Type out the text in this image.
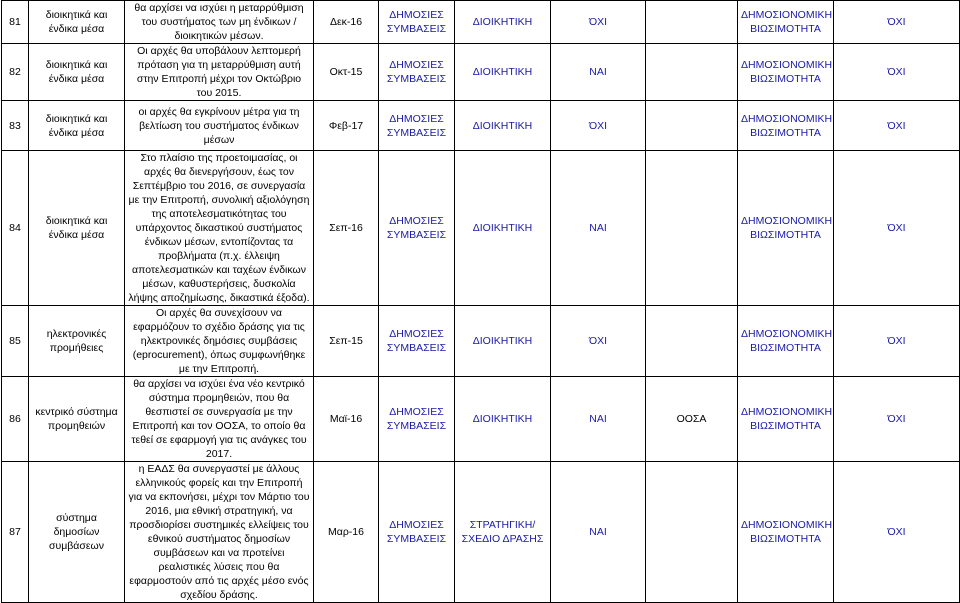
81	διοικητικά και ένδικα μέσα	θα αρχίσει να ισχύει η μεταρρύθμιση του συστήματος των μη ένδικων / διοικητικών μέσων.	Δεκ-16	ΔΗΜΟΣΙΕΣ ΣΥΜΒΑΣΕΙΣ	ΔΙΟΙΚΗΤΙΚΗ	ΌΧΙ		ΔΗΜΟΣΙΟΝΟΜΙΚΗ ΒΙΩΣΙΜΟΤΗΤΑ	ΌΧΙ
82	διοικητικά και ένδικα μέσα	Οι αρχές θα υποβάλουν λεπτομερή πρόταση για τη μεταρρύθμιση αυτή στην Επιτροπή μέχρι τον Οκτώβριο του 2015.	Οκτ-15	ΔΗΜΟΣΙΕΣ ΣΥΜΒΑΣΕΙΣ	ΔΙΟΙΚΗΤΙΚΗ	ΝΑΙ		ΔΗΜΟΣΙΟΝΟΜΙΚΗ ΒΙΩΣΙΜΟΤΗΤΑ	ΌΧΙ
83	διοικητικά και ένδικα μέσα	οι αρχές θα εγκρίνουν μέτρα για τη βελτίωση του συστήματος ένδικων μέσων	Φεβ-17	ΔΗΜΟΣΙΕΣ ΣΥΜΒΑΣΕΙΣ	ΔΙΟΙΚΗΤΙΚΗ	ΌΧΙ		ΔΗΜΟΣΙΟΝΟΜΙΚΗ ΒΙΩΣΙΜΟΤΗΤΑ	ΌΧΙ
84	διοικητικά και ένδικα μέσα	Στο πλαίσιο της προετοιμασίας, οι αρχές θα διενεργήσουν, έως τον Σεπτέμβριο του 2016, σε συνεργασία με την Επιτροπή, συνολική αξιολόγηση της αποτελεσματικότητας του υπάρχοντος δικαστικού συστήματος ένδικων μέσων, εντοπίζοντας τα προβλήματα (π.χ. έλλειψη αποτελεσματικών και ταχέων ένδικων μέσων, καθυστερήσεις, δυσκολία λήψης αποζημίωσης, δικαστικά έξοδα).	Σεπ-16	ΔΗΜΟΣΙΕΣ ΣΥΜΒΑΣΕΙΣ	ΔΙΟΙΚΗΤΙΚΗ	ΝΑΙ		ΔΗΜΟΣΙΟΝΟΜΙΚΗ ΒΙΩΣΙΜΟΤΗΤΑ	ΌΧΙ
85	ηλεκτρονικές προμήθειες	Οι αρχές θα συνεχίσουν να εφαρμόζουν το σχέδιο δράσης για τις ηλεκτρονικές δημόσιες συμβάσεις (eprocurement), όπως συμφωνήθηκε με την Επιτροπή.	Σεπ-15	ΔΗΜΟΣΙΕΣ ΣΥΜΒΑΣΕΙΣ	ΔΙΟΙΚΗΤΙΚΗ	ΌΧΙ		ΔΗΜΟΣΙΟΝΟΜΙΚΗ ΒΙΩΣΙΜΟΤΗΤΑ	ΌΧΙ
86	κεντρικό σύστημα προμηθειών	θα αρχίσει να ισχύει ένα νέο κεντρικό σύστημα προμηθειών, που θα θεσπιστεί σε συνεργασία με την Επιτροπή και τον ΟΟΣΑ, το οποίο θα τεθεί σε εφαρμογή για τις ανάγκες του 2017.	Μαϊ-16	ΔΗΜΟΣΙΕΣ ΣΥΜΒΑΣΕΙΣ	ΔΙΟΙΚΗΤΙΚΗ	ΝΑΙ	ΟΟΣΑ	ΔΗΜΟΣΙΟΝΟΜΙΚΗ ΒΙΩΣΙΜΟΤΗΤΑ	ΌΧΙ
87	σύστημα δημοσίων συμβάσεων	η ΕΑΔΣ θα συνεργαστεί με άλλους ελληνικούς φορείς και την Επιτροπή για να εκπονήσει, μέχρι τον Μάρτιο του 2016, μια εθνική στρατηγική, να προσδιορίσει συστημικές ελλείψεις του εθνικού συστήματος δημοσίων συμβάσεων και να προτείνει ρεαλιστικές λύσεις που θα εφαρμοστούν από τις αρχές μέσο ενός σχεδίου δράσης.	Μαρ-16	ΔΗΜΟΣΙΕΣ ΣΥΜΒΑΣΕΙΣ	ΣΤΡΑΤΗΓΙΚΗ/ΣΧΕΔΙΟ ΔΡΑΣΗΣ	ΝΑΙ		ΔΗΜΟΣΙΟΝΟΜΙΚΗ ΒΙΩΣΙΜΟΤΗΤΑ	ΌΧΙ
